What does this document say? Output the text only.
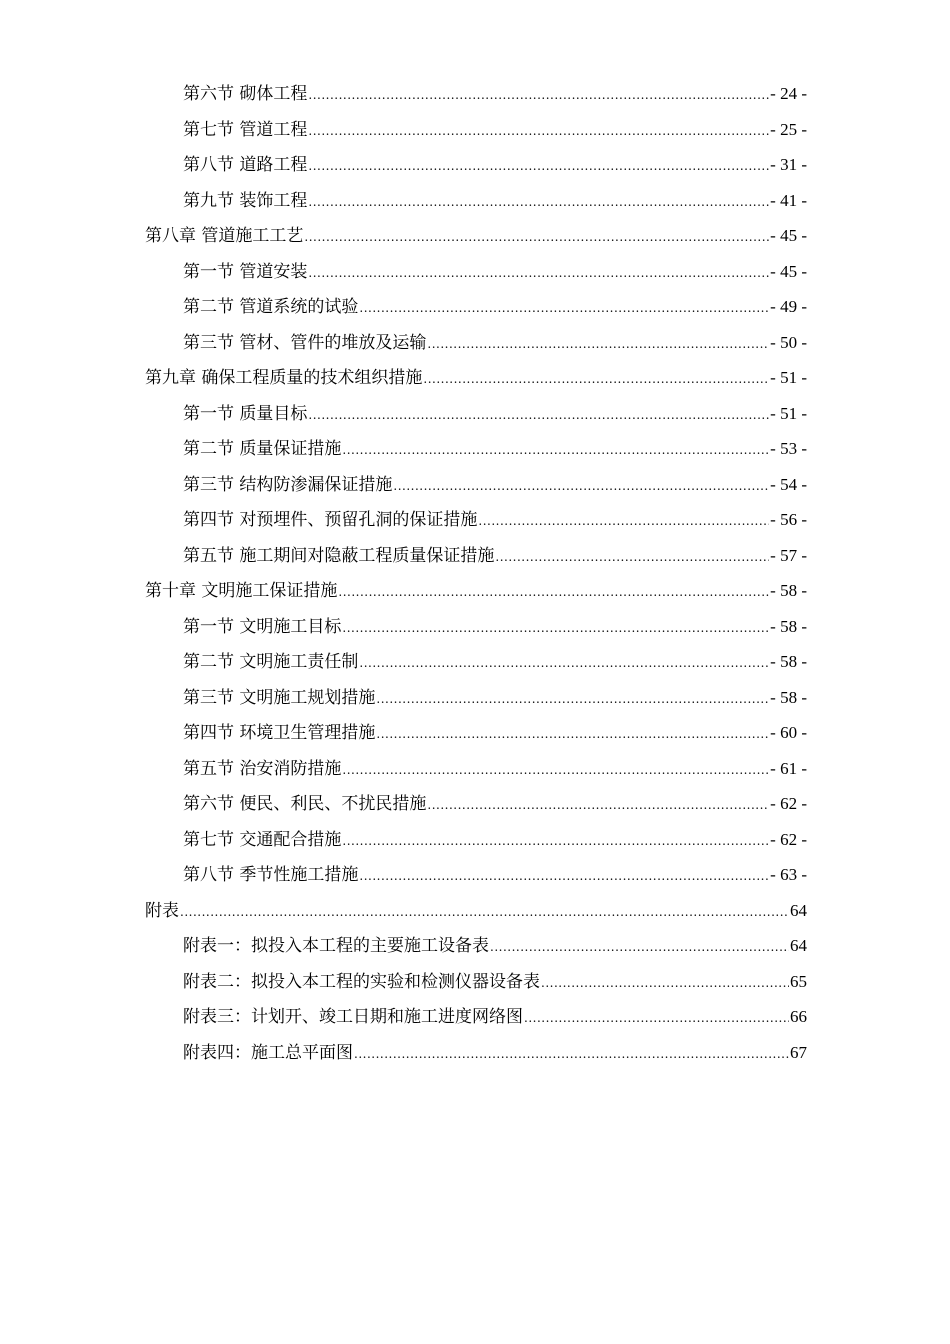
第六节 砌体工程 .....	- 24 -
第七节 管道工程 .....	- 25 -
第八节 道路工程 .....	- 31 -
第九节 装饰工程 .....	- 41 -
第八章 管道施工工艺 .....	- 45 -
第一节 管道安装 .....	- 45 -
第二节 管道系统的试验 .....	- 49 -
第三节 管材、管件的堆放及运输 .....	- 50 -
第九章 确保工程质量的技术组织措施 .....	- 51 -
第一节 质量目标 .....	- 51 -
第二节 质量保证措施 .....	- 53 -
第三节 结构防渗漏保证措施 .....	- 54 -
第四节 对预埋件、预留孔洞的保证措施 .....	- 56 -
第五节 施工期间对隐蔽工程质量保证措施 .....	- 57 -
第十章 文明施工保证措施 .....	- 58 -
第一节 文明施工目标 .....	- 58 -
第二节 文明施工责任制 .....	- 58 -
第三节 文明施工规划措施 .....	- 58 -
第四节 环境卫生管理措施 .....	- 60 -
第五节 治安消防措施 .....	- 61 -
第六节 便民、利民、不扰民措施 .....	- 62 -
第七节 交通配合措施 .....	- 62 -
第八节 季节性施工措施 .....	- 63 -
附表 .....	64
附表一：拟投入本工程的主要施工设备表 .....	64
附表二：拟投入本工程的实验和检测仪器设备表 .....	65
附表三：计划开、竣工日期和施工进度网络图 .....	66
附表四：施工总平面图 .....	67
